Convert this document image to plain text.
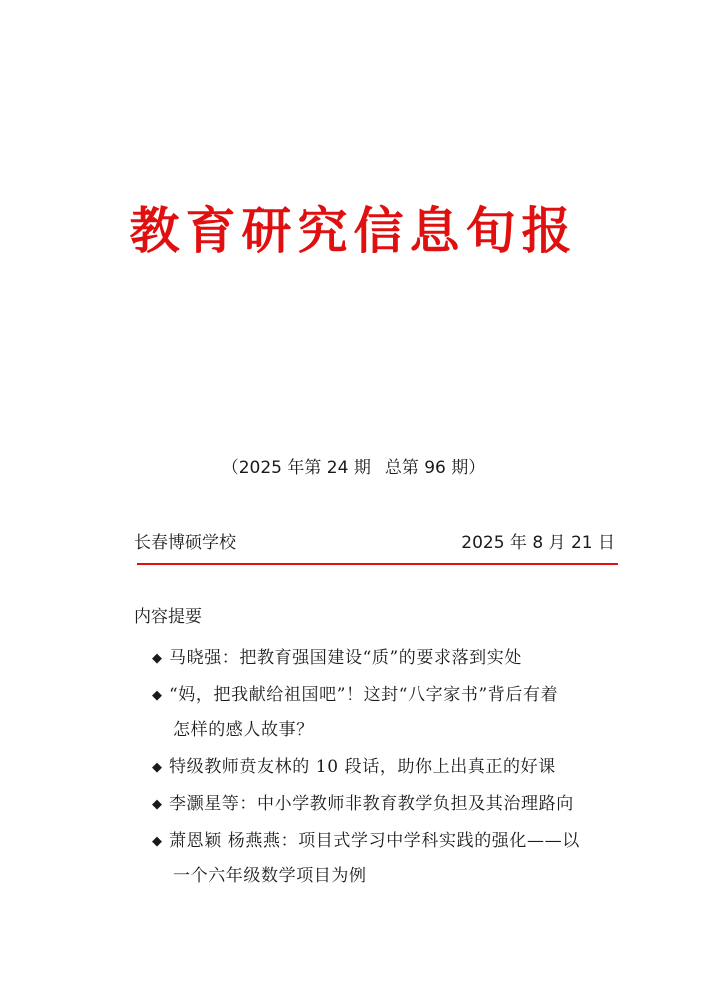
教育研究信息旬报
（2025 年第 24 期 总第 96 期）
长春博硕学校	2025 年 8 月 21 日
内容提要
◆ 马晓强：把教育强国建设“质”的要求落到实处
◆ “妈，把我献给祖国吧”！这封“八字家书”背后有着
怎样的感人故事？
◆ 特级教师贲友林的 10 段话，助你上出真正的好课
◆ 李灏星等：中小学教师非教育教学负担及其治理路向
◆ 萧恩颖 杨燕燕：项目式学习中学科实践的强化——以
一个六年级数学项目为例
